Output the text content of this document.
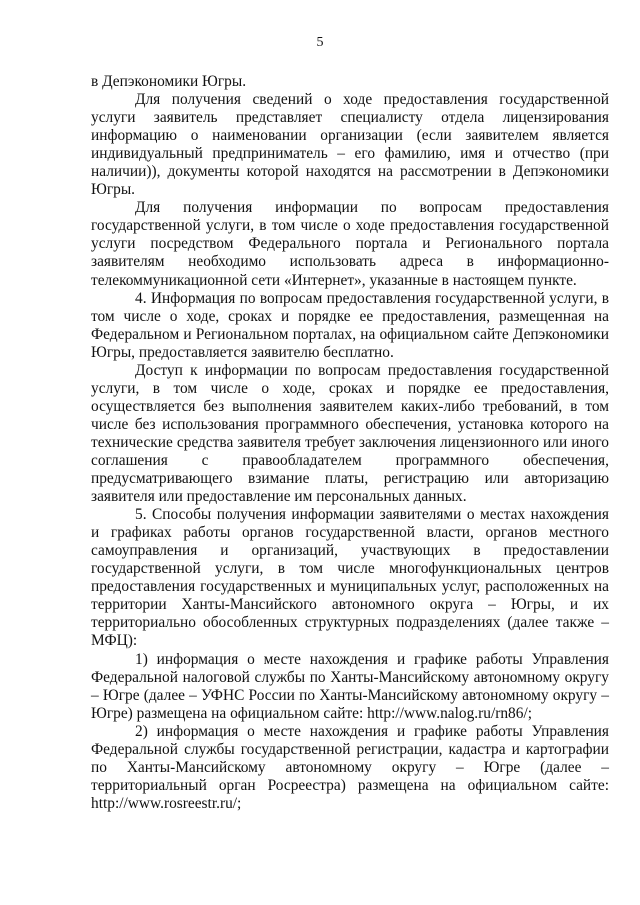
5

в Депэкономики Югры.

Для получения сведений о ходе предоставления государственной услуги заявитель представляет специалисту отдела лицензирования информацию о наименовании организации (если заявителем является индивидуальный предприниматель – его фамилию, имя и отчество (при наличии)), документы которой находятся на рассмотрении в Депэкономики Югры.

Для получения информации по вопросам предоставления государственной услуги, в том числе о ходе предоставления государственной услуги посредством Федерального портала и Регионального портала заявителям необходимо использовать адреса в информационно-телекоммуникационной сети «Интернет», указанные в настоящем пункте.

4. Информация по вопросам предоставления государственной услуги, в том числе о ходе, сроках и порядке ее предоставления, размещенная на Федеральном и Региональном порталах, на официальном сайте Депэкономики Югры, предоставляется заявителю бесплатно.

Доступ к информации по вопросам предоставления государственной услуги, в том числе о ходе, сроках и порядке ее предоставления, осуществляется без выполнения заявителем каких-либо требований, в том числе без использования программного обеспечения, установка которого на технические средства заявителя требует заключения лицензионного или иного соглашения с правообладателем программного обеспечения, предусматривающего взимание платы, регистрацию или авторизацию заявителя или предоставление им персональных данных.

5. Способы получения информации заявителями о местах нахождения и графиках работы органов государственной власти, органов местного самоуправления и организаций, участвующих в предоставлении государственной услуги, в том числе многофункциональных центров предоставления государственных и муниципальных услуг, расположенных на территории Ханты-Мансийского автономного округа – Югры, и их территориально обособленных структурных подразделениях (далее также – МФЦ):

1) информация о месте нахождения и графике работы Управления Федеральной налоговой службы по Ханты-Мансийскому автономному округу – Югре (далее – УФНС России по Ханты-Мансийскому автономному округу – Югре) размещена на официальном сайте: http://www.nalog.ru/rn86/;

2) информация о месте нахождения и графике работы Управления Федеральной службы государственной регистрации, кадастра и картографии по Ханты-Мансийскому автономному округу – Югре (далее – территориальный орган Росреестра) размещена на официальном сайте: http://www.rosreestr.ru/;
